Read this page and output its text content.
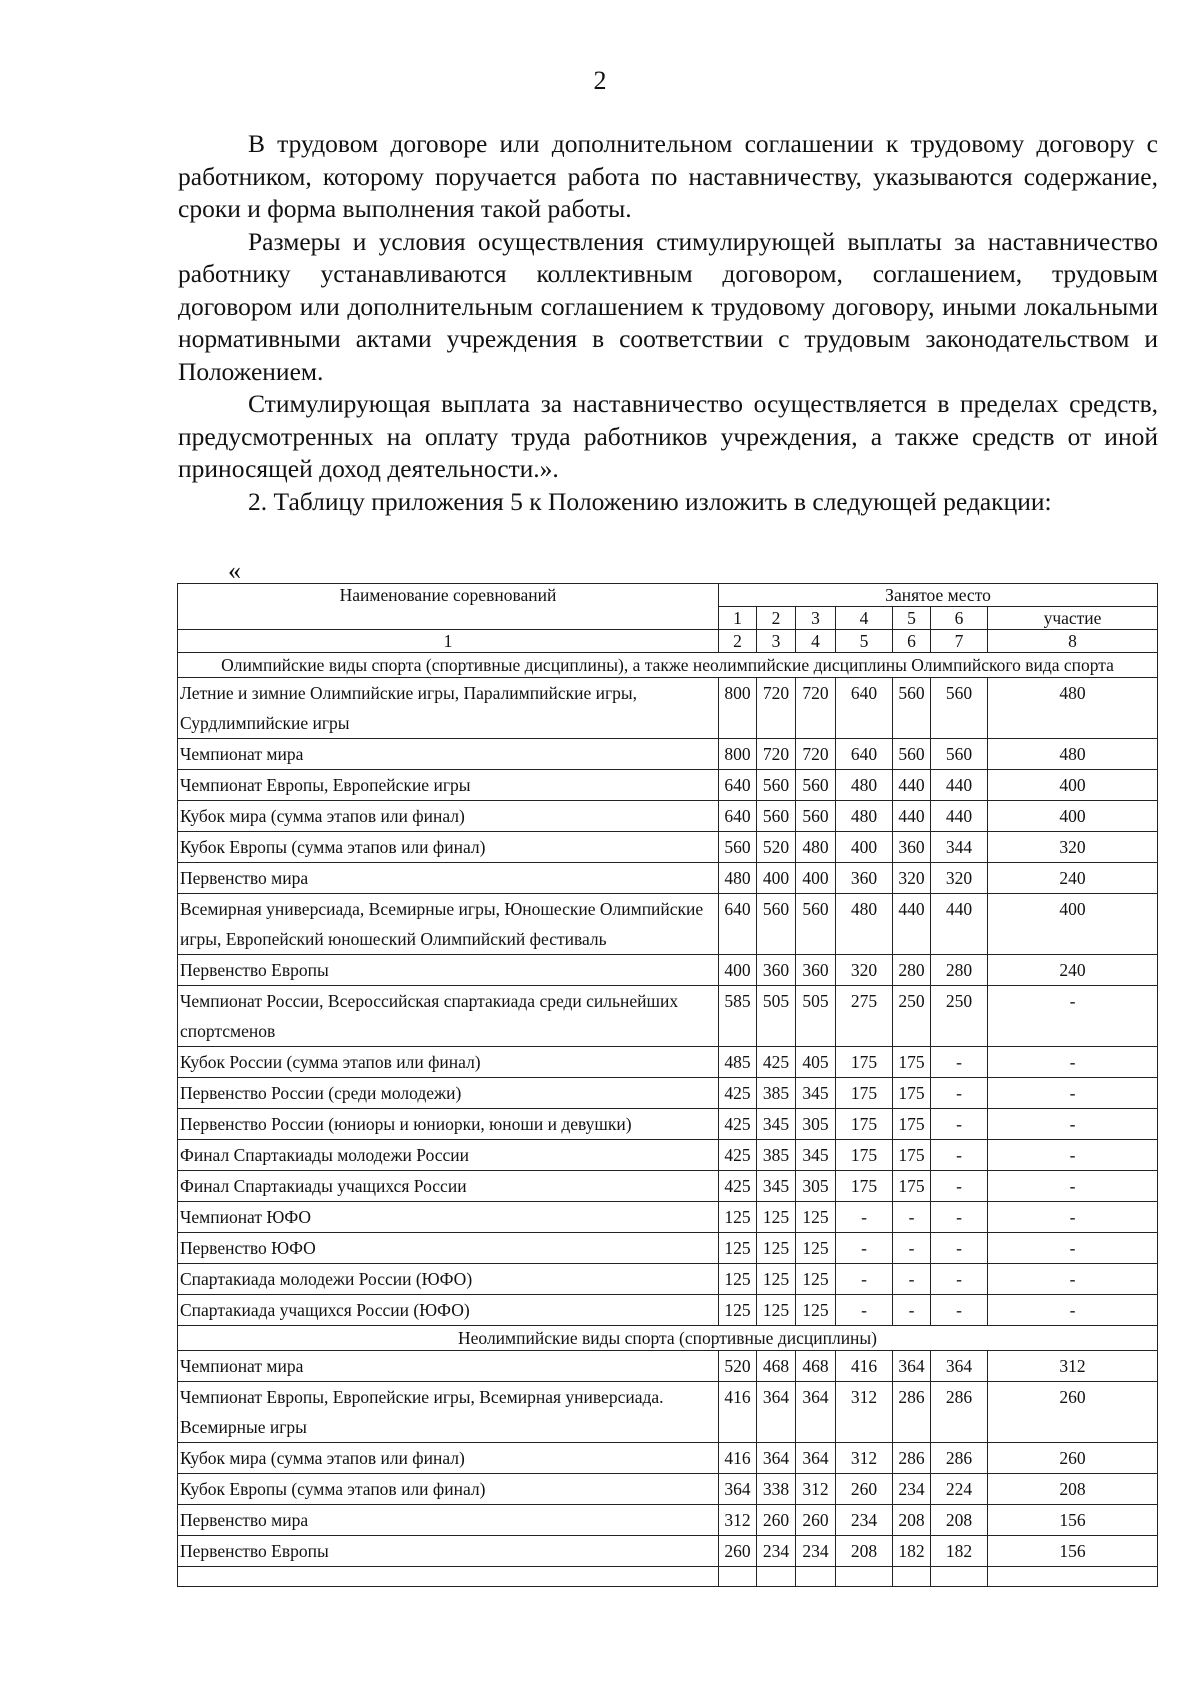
2

В трудовом договоре или дополнительном соглашении к трудовому договору с работником, которому поручается работа по наставничеству, указываются содержание, сроки и форма выполнения такой работы.

Размеры и условия осуществления стимулирующей выплаты за наставничество работнику устанавливаются коллективным договором, соглашением, трудовым договором или дополнительным соглашением к трудовому договору, иными локальными нормативными актами учреждения в соответствии с трудовым законодательством и Положением.

Стимулирующая выплата за наставничество осуществляется в пределах средств, предусмотренных на оплату труда работников учреждения, а также средств от иной приносящей доход деятельности.».

2. Таблицу приложения 5 к Положению изложить в следующей редакции:

«
Наименование соревнований	Занятое место						
	1	2	3	4	5	6	участие
1	2	3	4	5	6	7	8
Олимпийские виды спорта (спортивные дисциплины), а также неолимпийские дисциплины Олимпийского вида спорта							
Летние и зимние Олимпийские игры, Паралимпийские игры, Сурдлимпийские игры	800	720	720	640	560	560	480
Чемпионат мира	800	720	720	640	560	560	480
Чемпионат Европы, Европейские игры	640	560	560	480	440	440	400
Кубок мира (сумма этапов или финал)	640	560	560	480	440	440	400
Кубок Европы (сумма этапов или финал)	560	520	480	400	360	344	320
Первенство мира	480	400	400	360	320	320	240
Всемирная универсиада, Всемирные игры, Юношеские Олимпийские игры, Европейский юношеский Олимпийский фестиваль	640	560	560	480	440	440	400
Первенство Европы	400	360	360	320	280	280	240
Чемпионат России, Всероссийская спартакиада среди сильнейших спортсменов	585	505	505	275	250	250	-
Кубок России (сумма этапов или финал)	485	425	405	175	175	-	-
Первенство России (среди молодежи)	425	385	345	175	175	-	-
Первенство России (юниоры и юниорки, юноши и девушки)	425	345	305	175	175	-	-
Финал Спартакиады молодежи России	425	385	345	175	175	-	-
Финал Спартакиады учащихся России	425	345	305	175	175	-	-
Чемпионат ЮФО	125	125	125	-	-	-	-
Первенство ЮФО	125	125	125	-	-	-	-
Спартакиада молодежи России (ЮФО)	125	125	125	-	-	-	-
Спартакиада учащихся России (ЮФО)	125	125	125	-	-	-	-
Неолимпийские виды спорта (спортивные дисциплины)							
Чемпионат мира	520	468	468	416	364	364	312
Чемпионат Европы, Европейские игры, Всемирная универсиада. Всемирные игры	416	364	364	312	286	286	260
Кубок мира (сумма этапов или финал)	416	364	364	312	286	286	260
Кубок Европы (сумма этапов или финал)	364	338	312	260	234	224	208
Первенство мира	312	260	260	234	208	208	156
Первенство Европы	260	234	234	208	182	182	156
